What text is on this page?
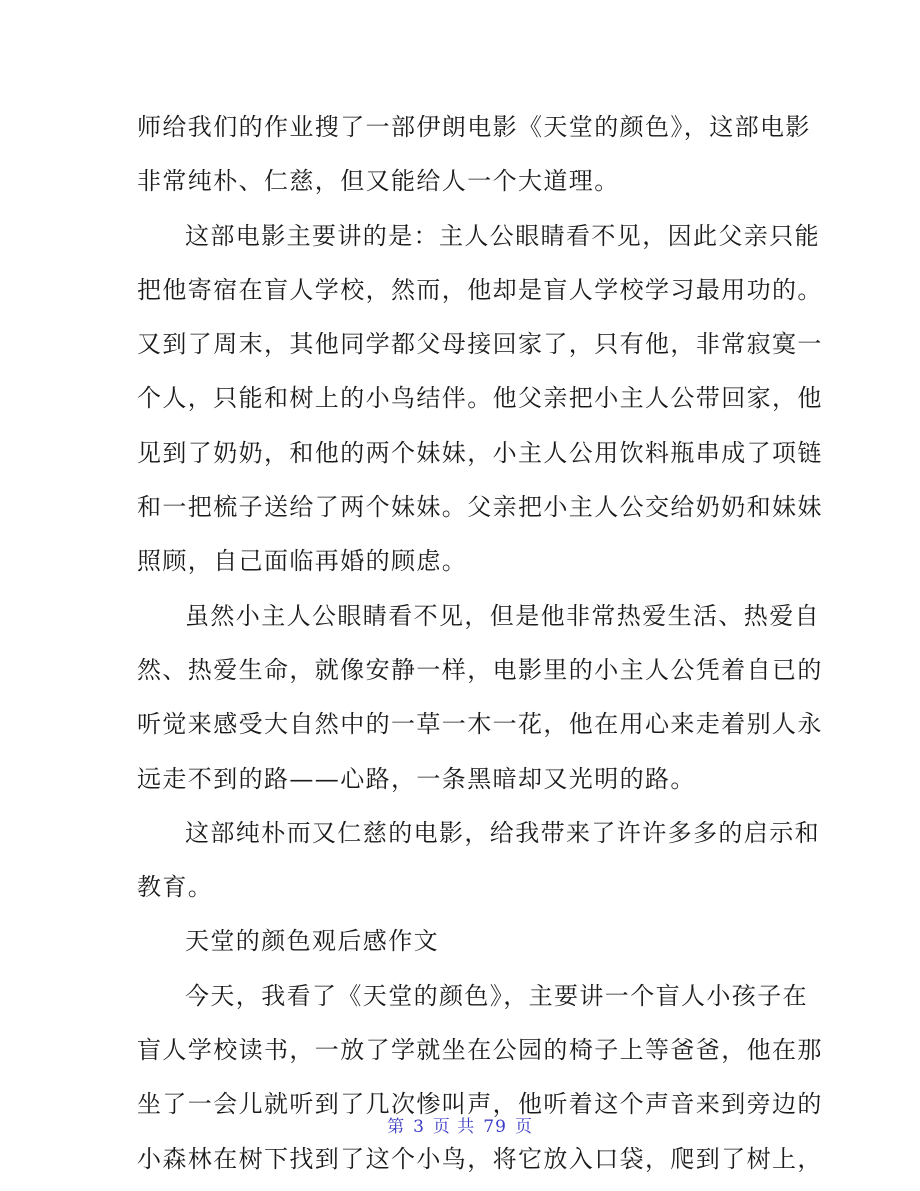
师给我们的作业搜了一部伊朗电影《天堂的颜色》，这部电影
非常纯朴、仁慈，但又能给人一个大道理。
这部电影主要讲的是：主人公眼睛看不见，因此父亲只能
把他寄宿在盲人学校，然而，他却是盲人学校学习最用功的。
又到了周末，其他同学都父母接回家了，只有他，非常寂寞一
个人，只能和树上的小鸟结伴。他父亲把小主人公带回家，他
见到了奶奶，和他的两个妹妹，小主人公用饮料瓶串成了项链
和一把梳子送给了两个妹妹。父亲把小主人公交给奶奶和妹妹
照顾，自己面临再婚的顾虑。
虽然小主人公眼睛看不见，但是他非常热爱生活、热爱自
然、热爱生命，就像安静一样，电影里的小主人公凭着自已的
听觉来感受大自然中的一草一木一花，他在用心来走着别人永
远走不到的路——心路，一条黑暗却又光明的路。
这部纯朴而又仁慈的电影，给我带来了许许多多的启示和
教育。
天堂的颜色观后感作文
今天，我看了《天堂的颜色》，主要讲一个盲人小孩子在
盲人学校读书，一放了学就坐在公园的椅子上等爸爸，他在那
坐了一会儿就听到了几次惨叫声，他听着这个声音来到旁边的
小森林在树下找到了这个小鸟，将它放入口袋，爬到了树上，
第 3 页 共 79 页
